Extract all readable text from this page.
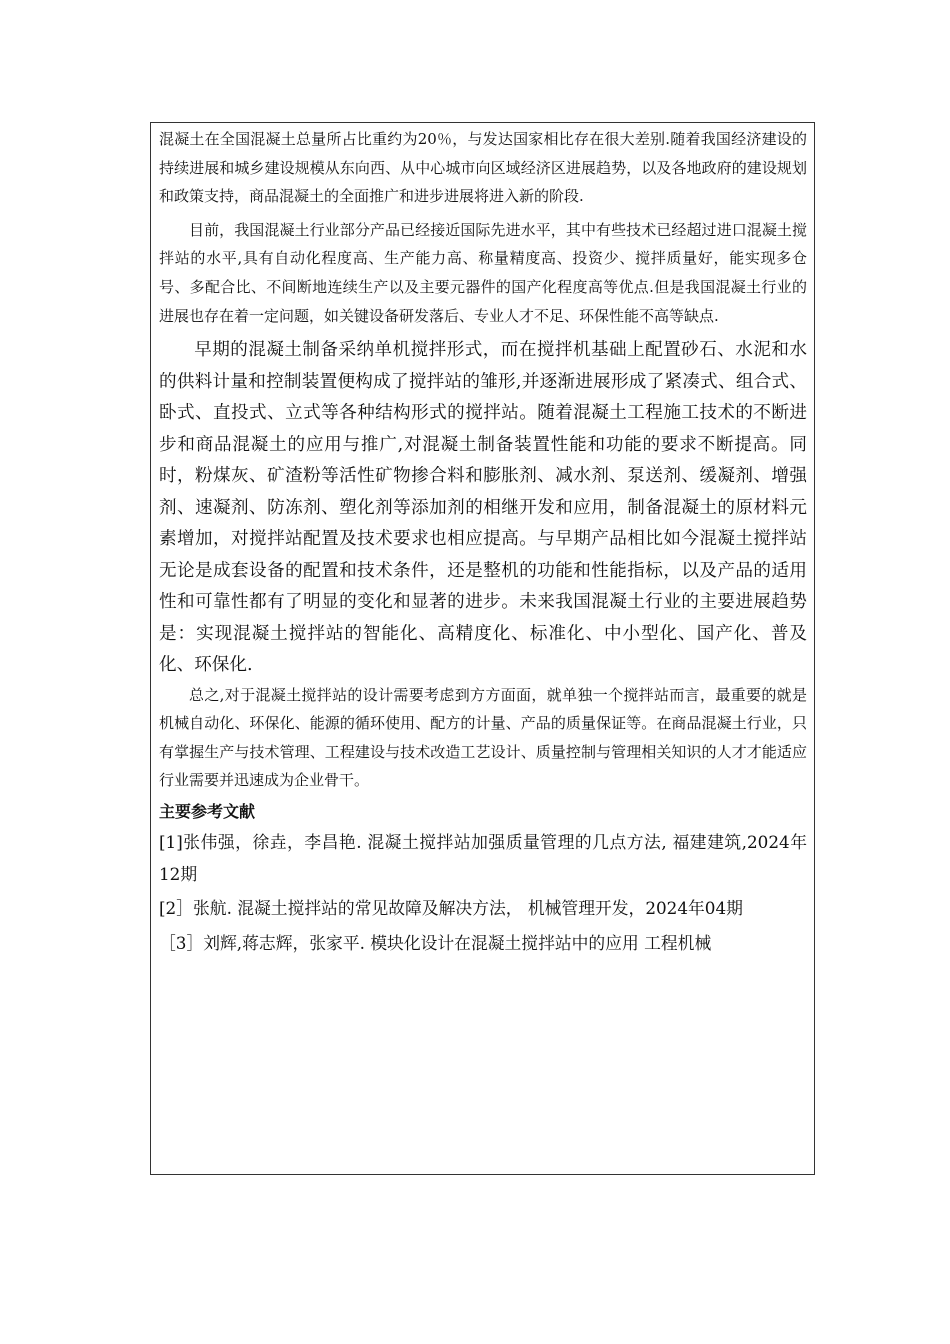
混凝土在全国混凝土总量所占比重约为20％，与发达国家相比存在很大差别.随着我国经济建设的持续进展和城乡建设规模从东向西、从中心城市向区域经济区进展趋势，以及各地政府的建设规划和政策支持，商品混凝土的全面推广和进步进展将进入新的阶段.

目前，我国混凝土行业部分产品已经接近国际先进水平，其中有些技术已经超过进口混凝土搅拌站的水平,具有自动化程度高、生产能力高、称量精度高、投资少、搅拌质量好，能实现多仓号、多配合比、不间断地连续生产以及主要元器件的国产化程度高等优点.但是我国混凝土行业的进展也存在着一定问题，如关键设备研发落后、专业人才不足、环保性能不高等缺点.

早期的混凝土制备采纳单机搅拌形式，而在搅拌机基础上配置砂石、水泥和水的供料计量和控制装置便构成了搅拌站的雏形,并逐渐进展形成了紧凑式、组合式、卧式、直投式、立式等各种结构形式的搅拌站。随着混凝土工程施工技术的不断进步和商品混凝土的应用与推广,对混凝土制备装置性能和功能的要求不断提高。同时，粉煤灰、矿渣粉等活性矿物掺合料和膨胀剂、减水剂、泵送剂、缓凝剂、增强剂、速凝剂、防冻剂、塑化剂等添加剂的相继开发和应用，制备混凝土的原材料元素增加，对搅拌站配置及技术要求也相应提高。与早期产品相比如今混凝土搅拌站无论是成套设备的配置和技术条件，还是整机的功能和性能指标，以及产品的适用性和可靠性都有了明显的变化和显著的进步。未来我国混凝土行业的主要进展趋势是：实现混凝土搅拌站的智能化、高精度化、标准化、中小型化、国产化、普及化、环保化.

总之,对于混凝土搅拌站的设计需要考虑到方方面面，就单独一个搅拌站而言，最重要的就是机械自动化、环保化、能源的循环使用、配方的计量、产品的质量保证等。在商品混凝土行业，只有掌握生产与技术管理、工程建设与技术改造工艺设计、质量控制与管理相关知识的人才才能适应行业需要并迅速成为企业骨干。

主要参考文献

[1]张伟强，徐垚，李昌艳. 混凝土搅拌站加强质量管理的几点方法, 福建建筑,2024年12期

[2］张航. 混凝土搅拌站的常见故障及解决方法， 机械管理开发，2024年04期

［3］刘辉,蒋志辉，张家平. 模块化设计在混凝土搅拌站中的应用 工程机械
